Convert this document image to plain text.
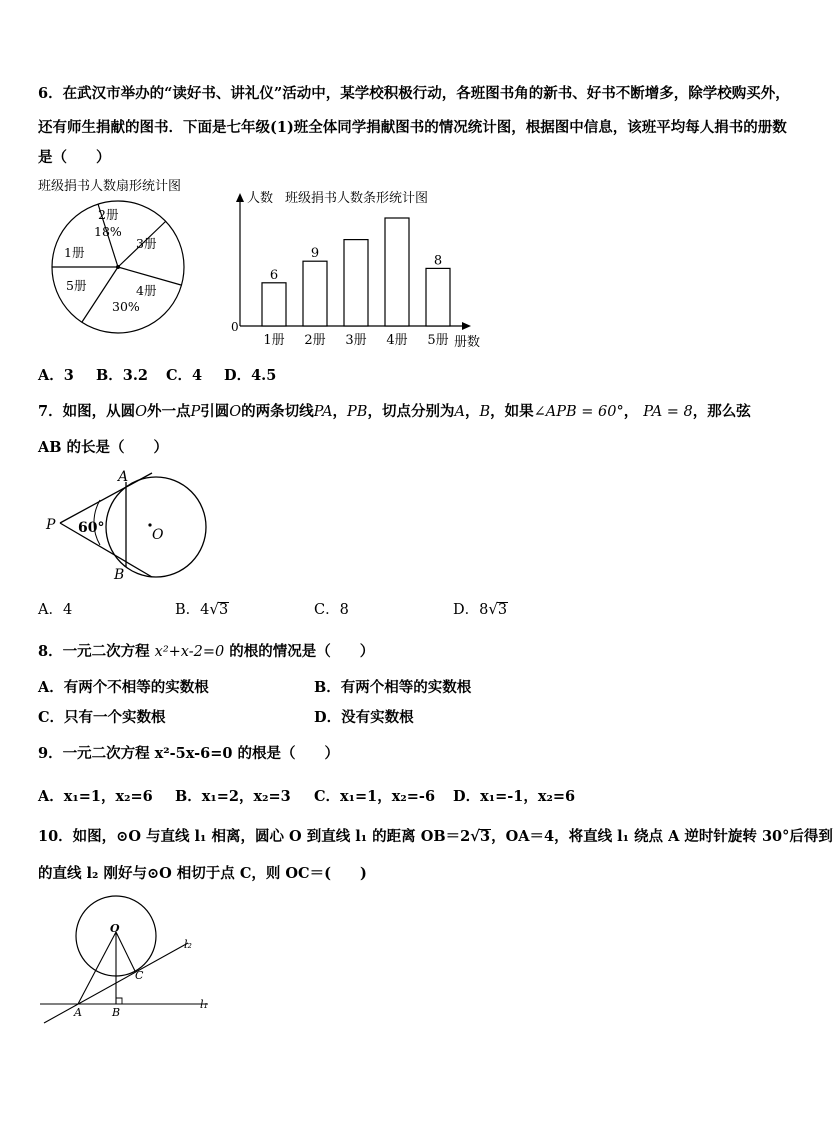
6．在武汉市举办的“读好书、讲礼仪”活动中，某学校积极行动，各班图书角的新书、好书不断增多，除学校购买外，
还有师生捐献的图书．下面是七年级(1)班全体同学捐献图书的情况统计图，根据图中信息，该班平均每人捐书的册数
是（　　）
班级捐书人数扇形统计图
2册
18%
1册
3册
5册	4册
30%
人数 班级捐书人数条形统计图
0
册数
6
1册
9
2册 3册 4册
8
5册
A．3 B．3.2 C．4 D．4.5
7．如图，从圆O外一点P引圆O的两条切线PA，PB，切点分别为A，B，如果∠APB = 60°， PA = 8，那么弦
AB 的长是（　　）
P
A
B
O
60°
A．4	B．4√3	C．8	D．8√3
8．一元二次方程 x²+x-2=0 的根的情况是（　　）
A．有两个不相等的实数根	B．有两个相等的实数根
C．只有一个实数根	D．没有实数根
9．一元二次方程 x²-5x-6=0 的根是（　　）
A．x₁=1，x₂=6 B．x₁=2，x₂=3 C．x₁=1，x₂=-6 D．x₁=-1，x₂=6
10．如图，⊙O 与直线 l₁ 相离，圆心 O 到直线 l₁ 的距离 OB＝2√3，OA＝4，将直线 l₁ 绕点 A 逆时针旋转 30°后得到
的直线 l₂ 刚好与⊙O 相切于点 C，则 OC＝(　　)
O
C
A	B
l₁
l₂
